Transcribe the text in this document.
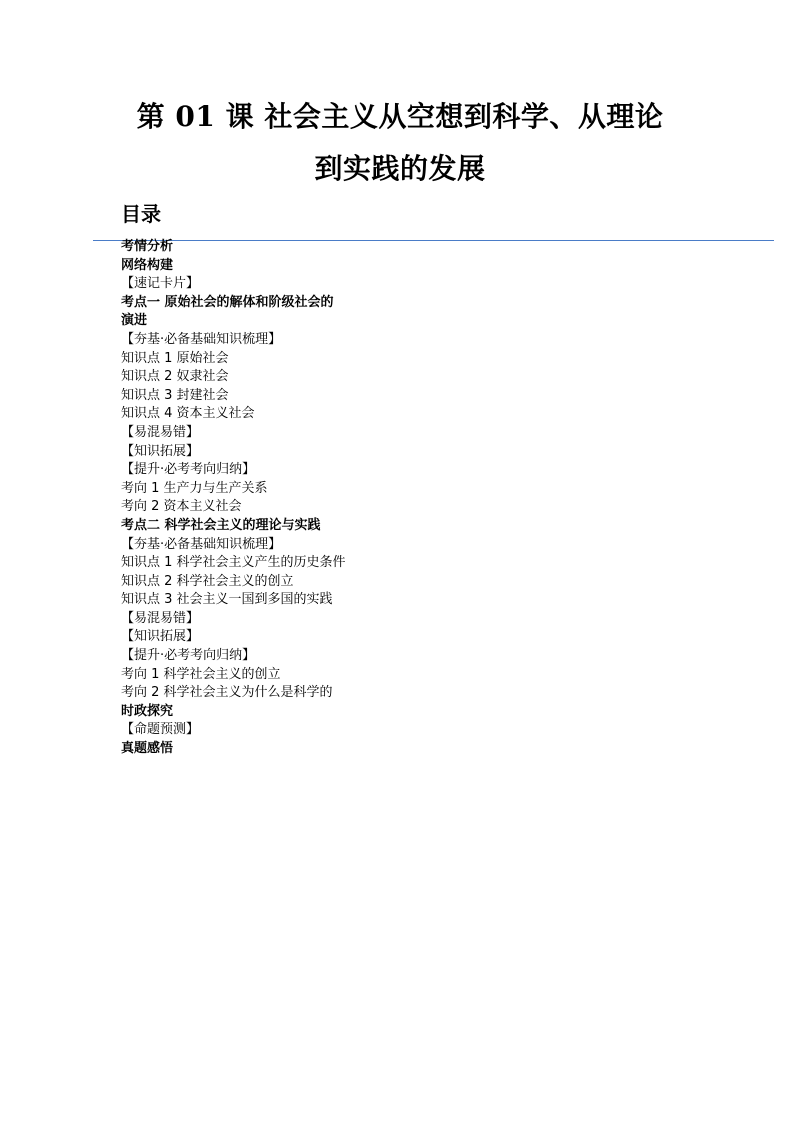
第 01 课 社会主义从空想到科学、从理论
到实践的发展
目录
考情分析
网络构建
【速记卡片】
考点一 原始社会的解体和阶级社会的
演进
【夯基·必备基础知识梳理】
知识点 1 原始社会
知识点 2 奴隶社会
知识点 3 封建社会
知识点 4 资本主义社会
【易混易错】
【知识拓展】
【提升·必考考向归纳】
考向 1 生产力与生产关系
考向 2 资本主义社会
考点二 科学社会主义的理论与实践
【夯基·必备基础知识梳理】
知识点 1 科学社会主义产生的历史条件
知识点 2 科学社会主义的创立
知识点 3 社会主义一国到多国的实践
【易混易错】
【知识拓展】
【提升·必考考向归纳】
考向 1 科学社会主义的创立
考向 2 科学社会主义为什么是科学的
时政探究
【命题预测】
真题感悟
